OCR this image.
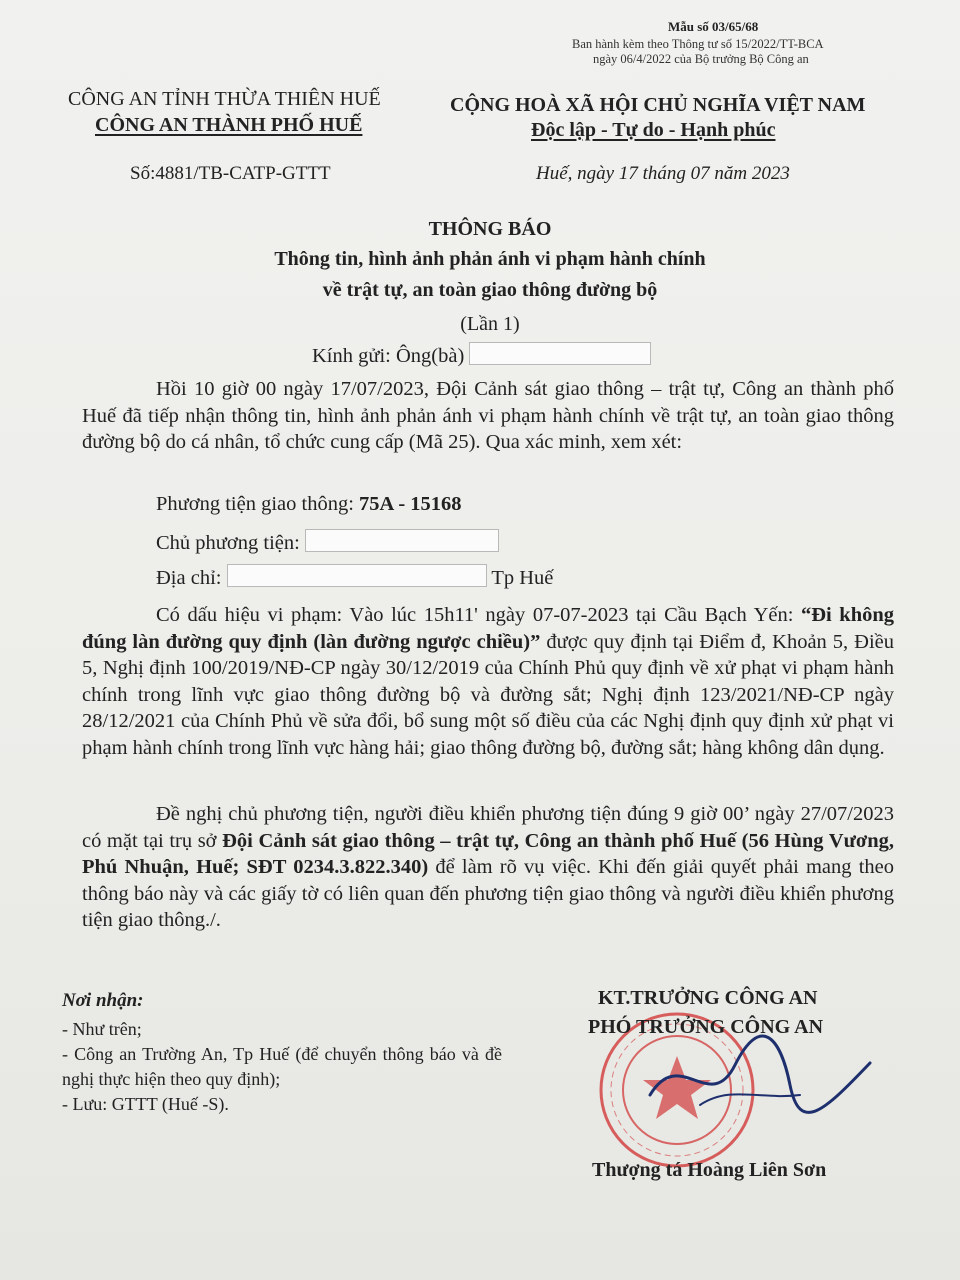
Mẫu số 03/65/68
Ban hành kèm theo Thông tư số 15/2022/TT-BCA
ngày 06/4/2022 của Bộ trưởng Bộ Công an
CÔNG AN TỈNH THỪA THIÊN HUẾ
CÔNG AN THÀNH PHỐ HUẾ
CỘNG HOÀ XÃ HỘI CHỦ NGHĨA VIỆT NAM
Độc lập - Tự do - Hạnh phúc
Số:4881/TB-CATP-GTTT	Huế, ngày 17 tháng 07 năm 2023
THÔNG BÁO
Thông tin, hình ảnh phản ánh vi phạm hành chính
về trật tự, an toàn giao thông đường bộ
(Lần 1)
Kính gửi: Ông(bà)
Hồi 10 giờ 00 ngày 17/07/2023, Đội Cảnh sát giao thông – trật tự, Công an thành phố Huế đã tiếp nhận thông tin, hình ảnh phản ánh vi phạm hành chính về trật tự, an toàn giao thông đường bộ do cá nhân, tổ chức cung cấp (Mã 25). Qua xác minh, xem xét:
Phương tiện giao thông: 75A - 15168
Chủ phương tiện:
Địa chỉ:	Tp Huế
Có dấu hiệu vi phạm: Vào lúc 15h11' ngày 07-07-2023 tại Cầu Bạch Yến: “Đi không đúng làn đường quy định (làn đường ngược chiều)” được quy định tại Điểm đ, Khoản 5, Điều 5, Nghị định 100/2019/NĐ-CP ngày 30/12/2019 của Chính Phủ quy định về xử phạt vi phạm hành chính trong lĩnh vực giao thông đường bộ và đường sắt; Nghị định 123/2021/NĐ-CP ngày 28/12/2021 của Chính Phủ về sửa đổi, bổ sung một số điều của các Nghị định quy định xử phạt vi phạm hành chính trong lĩnh vực hàng hải; giao thông đường bộ, đường sắt; hàng không dân dụng.
Đề nghị chủ phương tiện, người điều khiển phương tiện đúng 9 giờ 00’ ngày 27/07/2023 có mặt tại trụ sở Đội Cảnh sát giao thông – trật tự, Công an thành phố Huế (56 Hùng Vương, Phú Nhuận, Huế; SĐT 0234.3.822.340) để làm rõ vụ việc. Khi đến giải quyết phải mang theo thông báo này và các giấy tờ có liên quan đến phương tiện giao thông và người điều khiển phương tiện giao thông./.
Nơi nhận:
- Như trên;
- Công an Trường An, Tp Huế (để chuyển thông báo và đề nghị thực hiện theo quy định);
- Lưu: GTTT (Huế -S).
KT.TRƯỞNG CÔNG AN
PHÓ TRƯỞNG CÔNG AN
Thượng tá Hoàng Liên Sơn
